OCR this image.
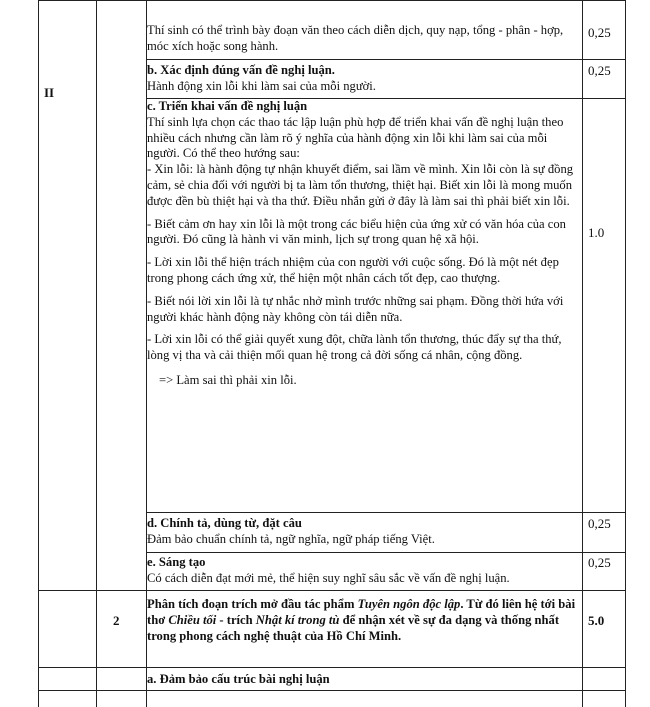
II
2

Thí sinh có thể trình bày đoạn văn theo cách diễn dịch, quy nạp, tổng - phân - hợp, móc xích hoặc song hành.

0,25

b. Xác định đúng vấn đề nghị luận.

Hành động xin lỗi khi làm sai của mỗi người.

0,25

c. Triển khai vấn đề nghị luận

Thí sinh lựa chọn các thao tác lập luận phù hợp để triển khai vấn đề nghị luận theo nhiều cách nhưng cần làm rõ ý nghĩa của hành động xin lỗi khi làm sai của mỗi người. Có thể theo hướng sau:

- Xin lỗi: là hành động tự nhận khuyết điểm, sai lầm về mình. Xin lỗi còn là sự đồng cảm, sẻ chia đối với người bị ta làm tổn thương, thiệt hại. Biết xin lỗi là mong muốn được đền bù thiệt hại và tha thứ. Điều nhắn gửi ở đây là làm sai thì phải biết xin lỗi.

- Biết cảm ơn hay xin lỗi là một trong các biểu hiện của ứng xử có văn hóa của con người. Đó cũng là hành vi văn minh, lịch sự trong quan hệ xã hội.

- Lời xin lỗi thể hiện trách nhiệm của con người với cuộc sống. Đó là một nét đẹp trong phong cách ứng xử, thể hiện một nhân cách tốt đẹp, cao thượng.

- Biết nói lời xin lỗi là tự nhắc nhở mình trước những sai phạm. Đồng thời hứa với người khác hành động này không còn tái diễn nữa.

- Lời xin lỗi có thể giải quyết xung đột, chữa lành tổn thương, thúc đẩy sự tha thứ, lòng vị tha và cải thiện mối quan hệ trong cả đời sống cá nhân, cộng đồng.

=> Làm sai thì phải xin lỗi.

1.0

d. Chính tả, dùng từ, đặt câu

Đảm bảo chuẩn chính tả, ngữ nghĩa, ngữ pháp tiếng Việt.

0,25

e. Sáng tạo

Có cách diễn đạt mới mẻ, thể hiện suy nghĩ sâu sắc về vấn đề nghị luận.

0,25
Phân tích đoạn trích mở đầu tác phẩm Tuyên ngôn độc lập. Từ đó liên hệ tới bài thơ Chiều tối - trích Nhật kí trong tù để nhận xét về sự đa dạng và thống nhất trong phong cách nghệ thuật của Hồ Chí Minh.
5.0

a. Đảm bảo cấu trúc bài nghị luận
